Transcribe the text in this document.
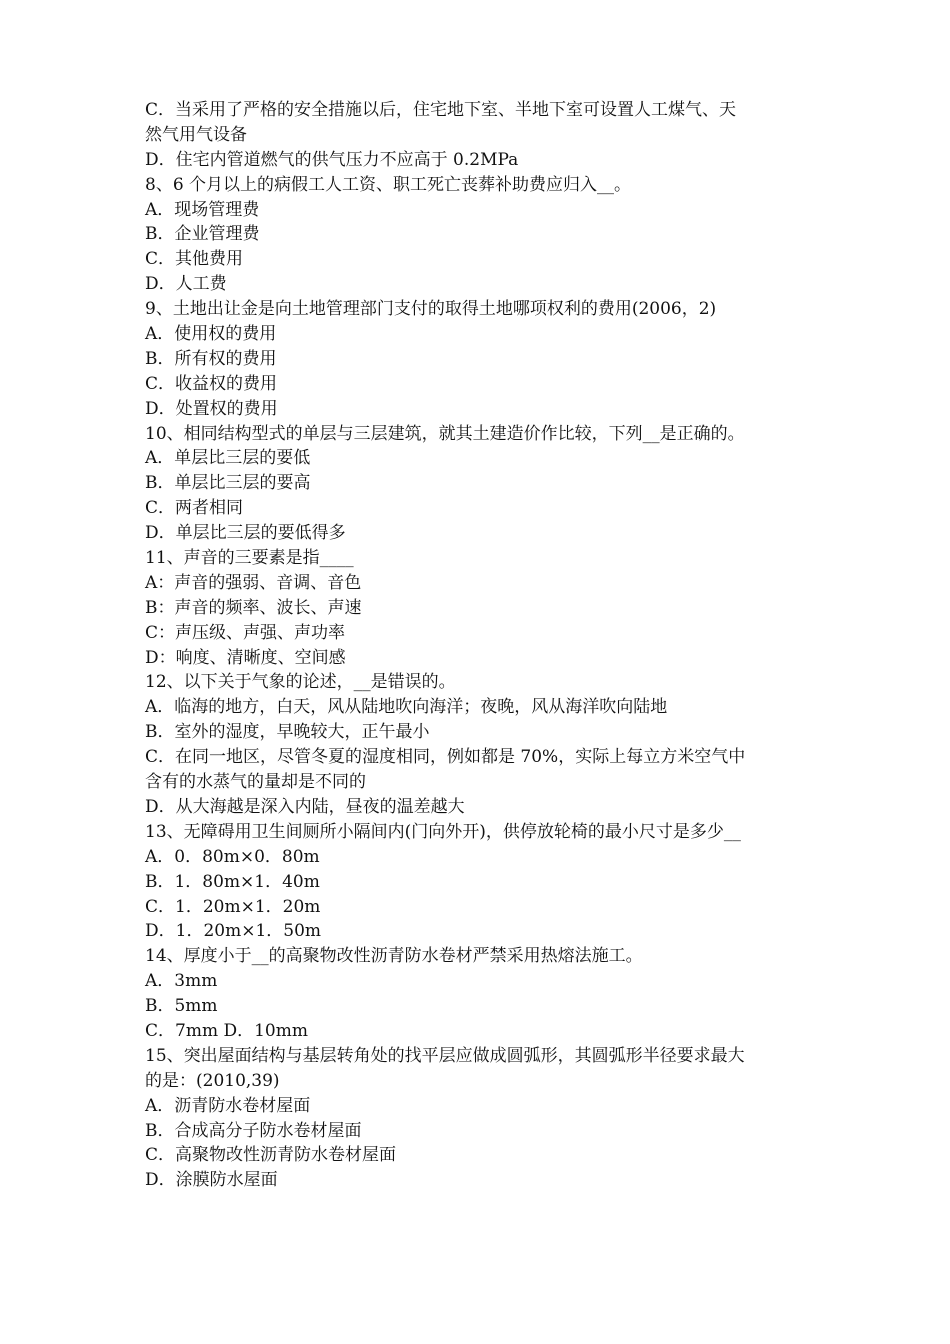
C．当采用了严格的安全措施以后，住宅地下室、半地下室可设置人工煤气、天
然气用气设备
D．住宅内管道燃气的供气压力不应高于 0.2MPa
8、6 个月以上的病假工人工资、职工死亡丧葬补助费应归入__。
A．现场管理费
B．企业管理费
C．其他费用
D．人工费
9、土地出让金是向土地管理部门支付的取得土地哪项权利的费用(2006，2)
A．使用权的费用
B．所有权的费用
C．收益权的费用
D．处置权的费用
10、相同结构型式的单层与三层建筑，就其土建造价作比较，下列__是正确的。
A．单层比三层的要低
B．单层比三层的要高
C．两者相同
D．单层比三层的要低得多
11、声音的三要素是指____
A：声音的强弱、音调、音色
B：声音的频率、波长、声速
C：声压级、声强、声功率
D：响度、清晰度、空间感
12、以下关于气象的论述，__是错误的。
A．临海的地方，白天，风从陆地吹向海洋；夜晚，风从海洋吹向陆地
B．室外的湿度，早晚较大，正午最小
C．在同一地区，尽管冬夏的湿度相同，例如都是 70%，实际上每立方米空气中
含有的水蒸气的量却是不同的
D．从大海越是深入内陆，昼夜的温差越大
13、无障碍用卫生间厕所小隔间内(门向外开)，供停放轮椅的最小尺寸是多少__
A．0．80m×0．80m
B．1．80m×1．40m
C．1．20m×1．20m
D．1．20m×1．50m
14、厚度小于__的高聚物改性沥青防水卷材严禁采用热熔法施工。
A．3mm
B．5mm
C．7mm D．10mm
15、突出屋面结构与基层转角处的找平层应做成圆弧形，其圆弧形半径要求最大
的是：(2010,39)
A．沥青防水卷材屋面
B．合成高分子防水卷材屋面
C．高聚物改性沥青防水卷材屋面
D．涂膜防水屋面
